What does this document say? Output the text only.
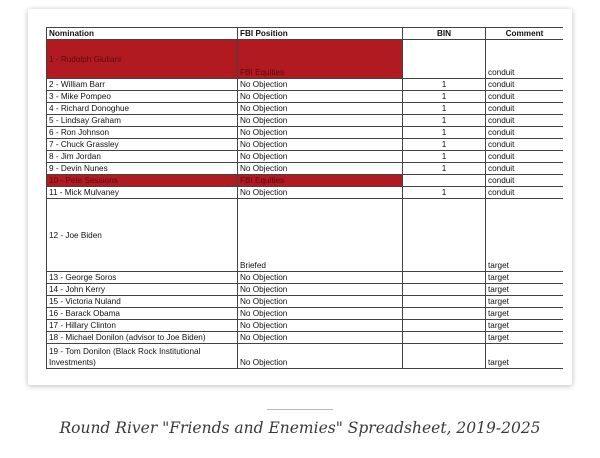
Nomination	FBI Position	BIN	Comment
1 - Rudolph Giuliani	FBI Equities		conduit
2 - William Barr	No Objection	1	conduit
3 - Mike Pompeo	No Objection	1	conduit
4 - Richard Donoghue	No Objection	1	conduit
5 - Lindsay Graham	No Objection	1	conduit
6 - Ron Johnson	No Objection	1	conduit
7 - Chuck Grassley	No Objection	1	conduit
8 - Jim Jordan	No Objection	1	conduit
9 - Devin Nunes	No Objection	1	conduit
10 - Pete Sessions	FBI Equities		conduit
11 - Mick Mulvaney	No Objection	1	conduit
12 - Joe Biden	Briefed		target
13 - George Soros	No Objection		target
14 - John Kerry	No Objection		target
15 - Victoria Nuland	No Objection		target
16 - Barack Obama	No Objection		target
17 - Hillary Clinton	No Objection		target
18 - Michael Donilon (advisor to Joe Biden)	No Objection		target
19 - Tom Donilon (Black Rock Institutional Investments)	No Objection		target
Round River "Friends and Enemies" Spreadsheet, 2019-2025
